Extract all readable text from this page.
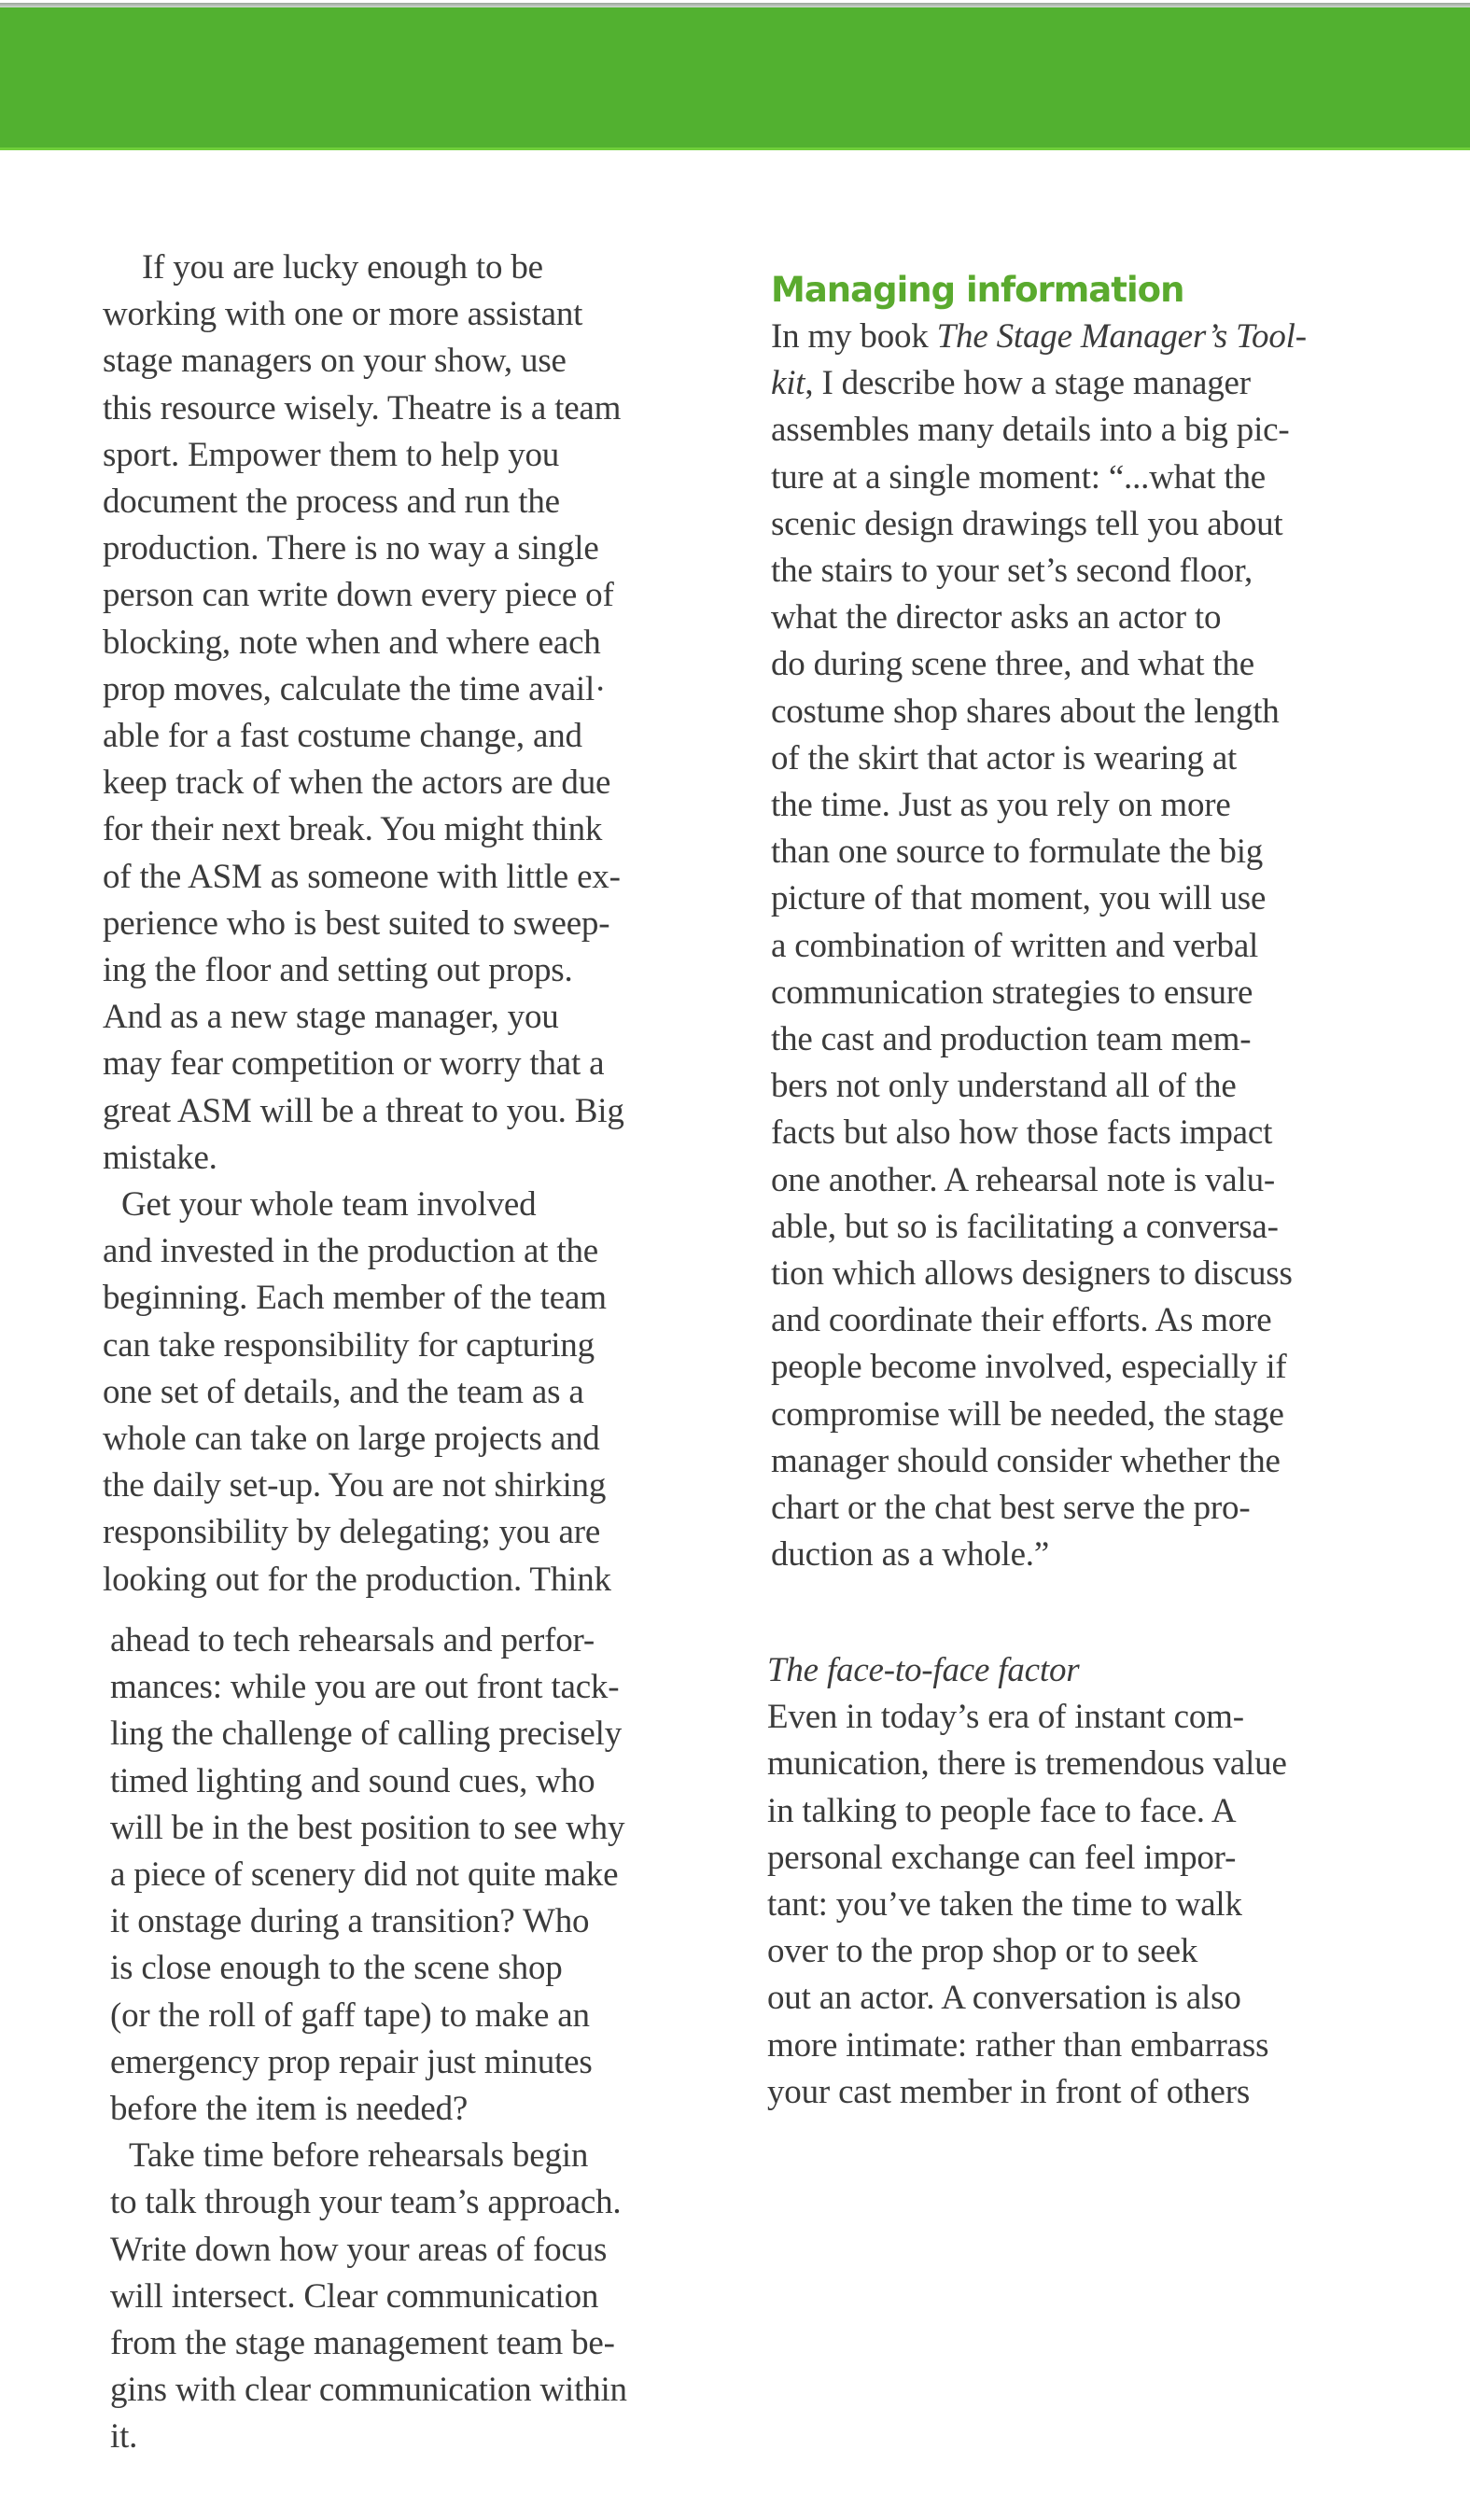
If you are lucky enough to be
working with one or more assistant
stage managers on your show, use
this resource wisely. Theatre is a team
sport. Empower them to help you
document the process and run the
production. There is no way a single
person can write down every piece of
blocking, note when and where each
prop moves, calculate the time avail·
able for a fast costume change, and
keep track of when the actors are due
for their next break. You might think
of the ASM as someone with little ex-
perience who is best suited to sweep-
ing the floor and setting out props.
And as a new stage manager, you
may fear competition or worry that a
great ASM will be a threat to you. Big
mistake.
Get your whole team involved
and invested in the production at the
beginning. Each member of the team
can take responsibility for capturing
one set of details, and the team as a
whole can take on large projects and
the daily set-up. You are not shirking
responsibility by delegating; you are
looking out for the production. Think
ahead to tech rehearsals and perfor-
mances: while you are out front tack-
ling the challenge of calling precisely
timed lighting and sound cues, who
will be in the best position to see why
a piece of scenery did not quite make
it onstage during a transition? Who
is close enough to the scene shop
(or the roll of gaff tape) to make an
emergency prop repair just minutes
before the item is needed?
Take time before rehearsals begin
to talk through your team’s approach.
Write down how your areas of focus
will intersect. Clear communication
from the stage management team be-
gins with clear communication within
it.
Managing information
In my book The Stage Manager’s Tool-
kit, I describe how a stage manager
assembles many details into a big pic-
ture at a single moment: “...what the
scenic design drawings tell you about
the stairs to your set’s second floor,
what the director asks an actor to
do during scene three, and what the
costume shop shares about the length
of the skirt that actor is wearing at
the time. Just as you rely on more
than one source to formulate the big
picture of that moment, you will use
a combination of written and verbal
communication strategies to ensure
the cast and production team mem-
bers not only understand all of the
facts but also how those facts impact
one another. A rehearsal note is valu-
able, but so is facilitating a conversa-
tion which allows designers to discuss
and coordinate their efforts. As more
people become involved, especially if
compromise will be needed, the stage
manager should consider whether the
chart or the chat best serve the pro-
duction as a whole.”
The face-to-face factor
Even in today’s era of instant com-
munication, there is tremendous value
in talking to people face to face. A
personal exchange can feel impor-
tant: you’ve taken the time to walk
over to the prop shop or to seek
out an actor. A conversation is also
more intimate: rather than embarrass
your cast member in front of others
